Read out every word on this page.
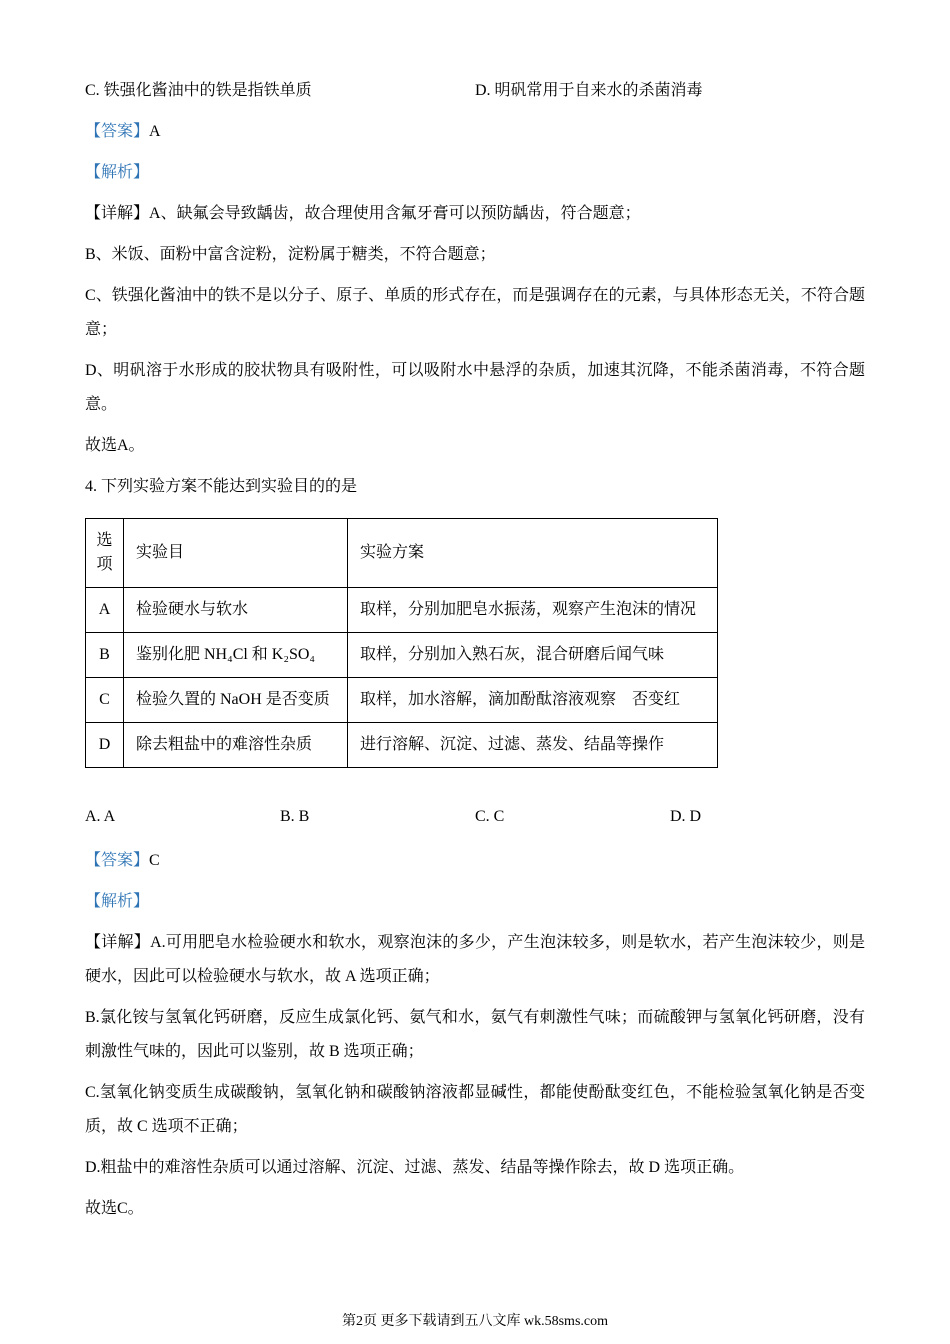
C. 铁强化酱油中的铁是指铁单质	D. 明矾常用于自来水的杀菌消毒
【答案】A
【解析】
【详解】A、缺氟会导致龋齿，故合理使用含氟牙膏可以预防龋齿，符合题意；
B、米饭、面粉中富含淀粉，淀粉属于糖类，不符合题意；
C、铁强化酱油中的铁不是以分子、原子、单质的形式存在，而是强调存在的元素，与具体形态无关，不符合题意；
D、明矾溶于水形成的胶状物具有吸附性，可以吸附水中悬浮的杂质，加速其沉降，不能杀菌消毒，不符合题意。
故选A。
4. 下列实验方案不能达到实验目的的是
选项	实验目	实验方案
A	检验硬水与软水	取样，分别加肥皂水振荡，观察产生泡沫的情况
B	鉴别化肥 NH₄Cl 和 K₂SO₄	取样，分别加入熟石灰，混合研磨后闻气味
C	检验久置的 NaOH 是否变质	取样，加水溶解，滴加酚酞溶液观察　否变红
D	除去粗盐中的难溶性杂质	进行溶解、沉淀、过滤、蒸发、结晶等操作
A. A	B. B	C. C	D. D
【答案】C
【解析】
【详解】A.可用肥皂水检验硬水和软水，观察泡沫的多少，产生泡沫较多，则是软水，若产生泡沫较少，则是硬水，因此可以检验硬水与软水，故 A 选项正确；
B.氯化铵与氢氧化钙研磨，反应生成氯化钙、氨气和水，氨气有刺激性气味；而硫酸钾与氢氧化钙研磨，没有刺激性气味的，因此可以鉴别，故 B 选项正确；
C.氢氧化钠变质生成碳酸钠，氢氧化钠和碳酸钠溶液都显碱性，都能使酚酞变红色，不能检验氢氧化钠是否变质，故 C 选项不正确；
D.粗盐中的难溶性杂质可以通过溶解、沉淀、过滤、蒸发、结晶等操作除去，故 D 选项正确。
故选C。
第2页 更多下载请到五八文库 wk.58sms.com
